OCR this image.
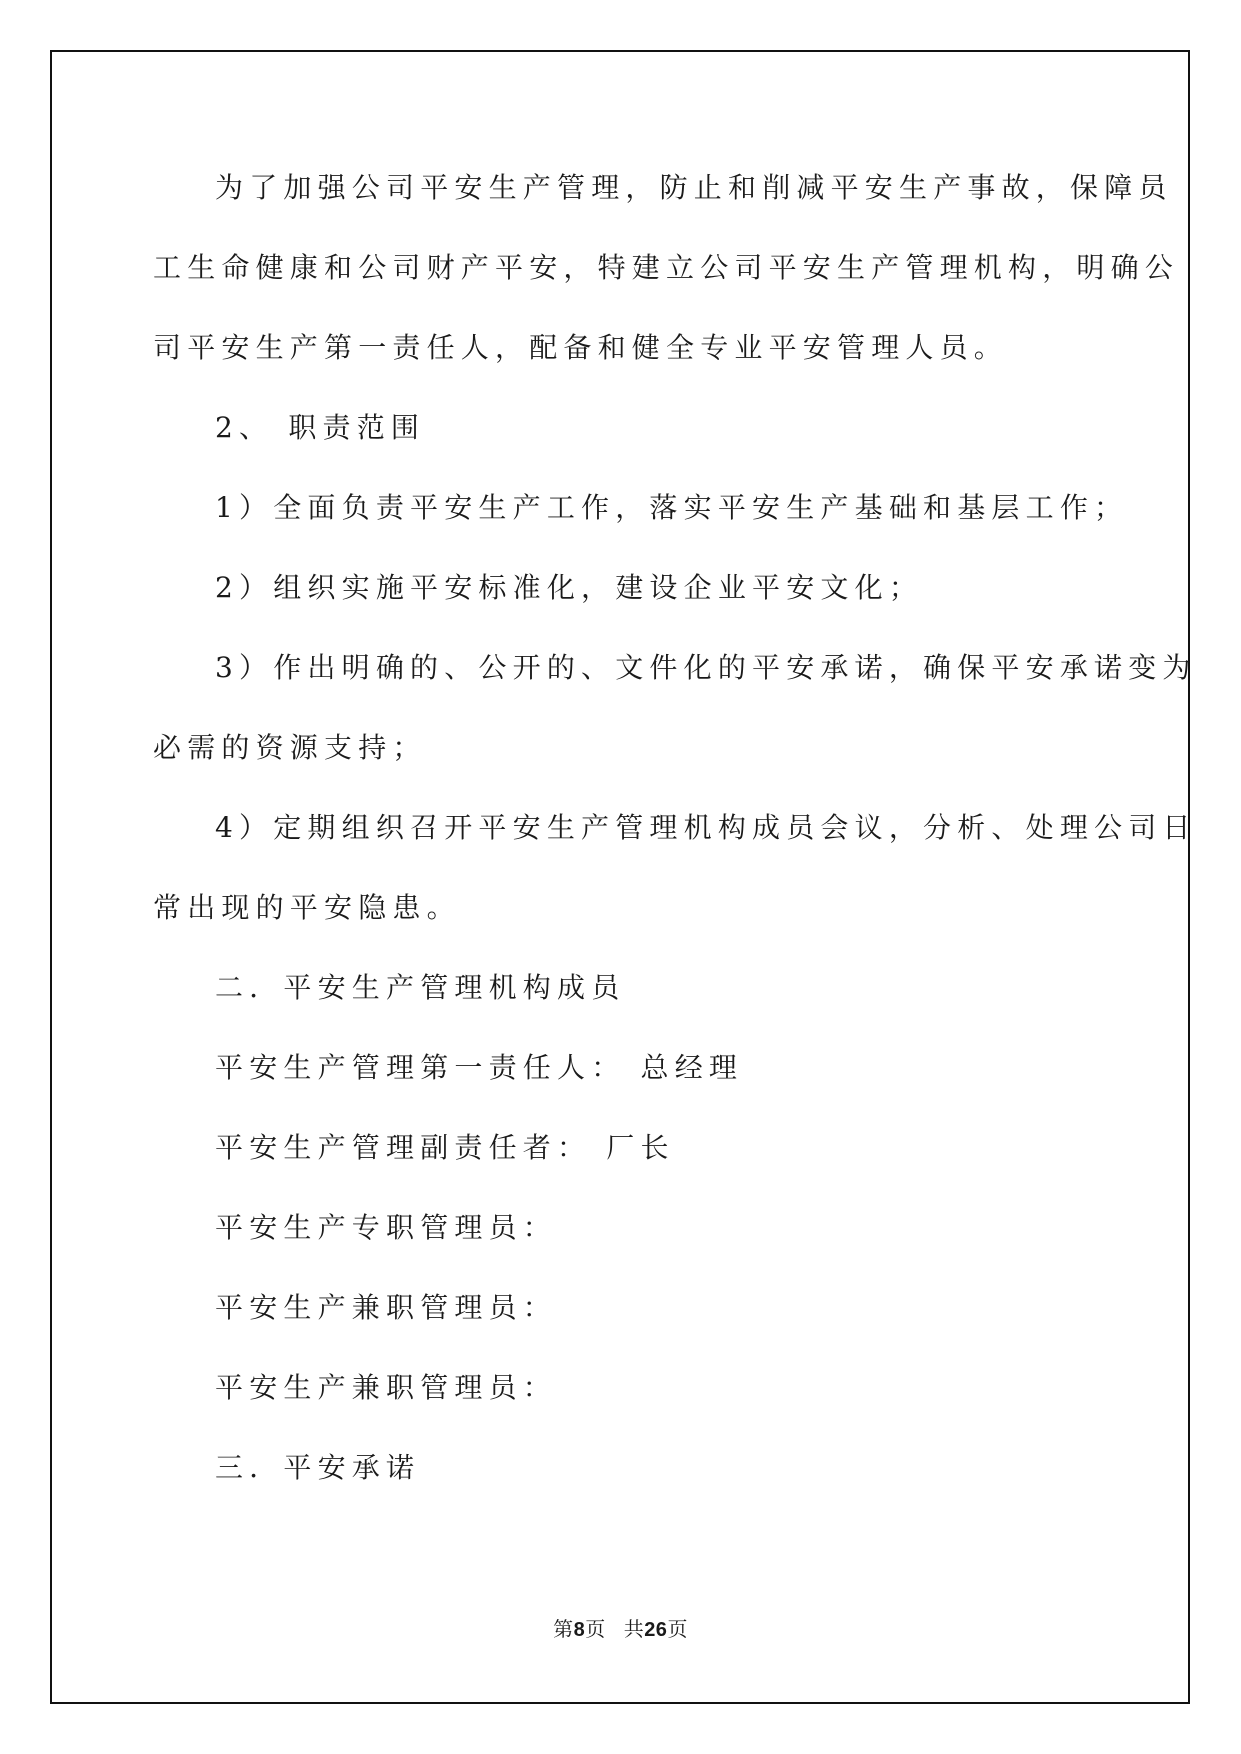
为了加强公司平安生产管理，防止和削减平安生产事故，保障员
工生命健康和公司财产平安，特建立公司平安生产管理机构，明确公
司平安生产第一责任人，配备和健全专业平安管理人员。
2、 职责范围
1）全面负责平安生产工作，落实平安生产基础和基层工作；
2）组织实施平安标准化，建设企业平安文化；
3）作出明确的、公开的、文件化的平安承诺，确保平安承诺变为
必需的资源支持；
4）定期组织召开平安生产管理机构成员会议，分析、处理公司日
常出现的平安隐患。
二．平安生产管理机构成员
平安生产管理第一责任人： 总经理
平安生产管理副责任者： 厂长
平安生产专职管理员：
平安生产兼职管理员：
平安生产兼职管理员：
三．平安承诺
第8页 共26页
